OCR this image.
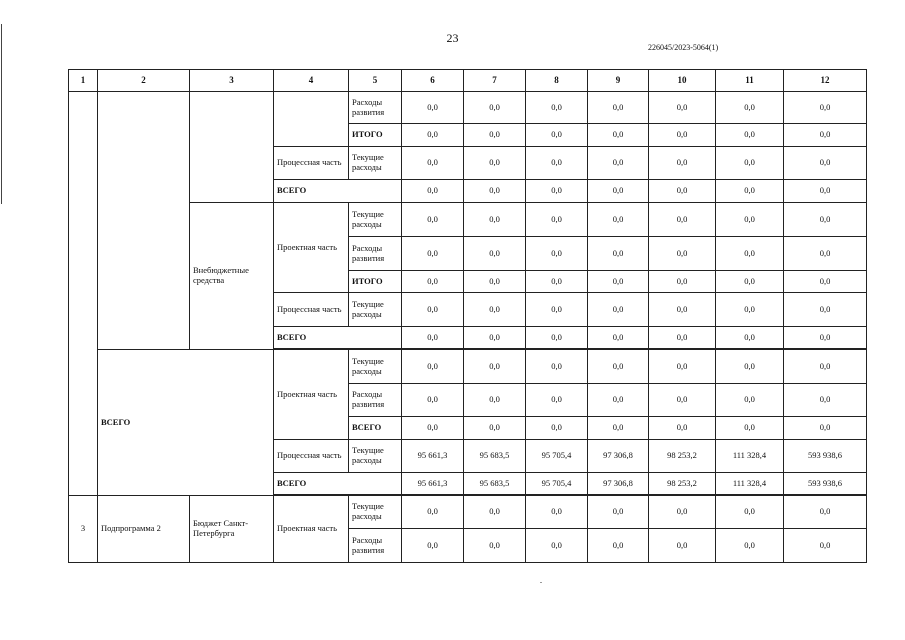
23
226045/2023-5064(1)
1	2	3	4	5	6	7	8	9	10	11	12
				Расходы развития	0,0	0,0	0,0	0,0	0,0	0,0	0,0
				ИТОГО	0,0	0,0	0,0	0,0	0,0	0,0	0,0
			Процессная часть	Текущие расходы	0,0	0,0	0,0	0,0	0,0	0,0	0,0
			ВСЕГО		0,0	0,0	0,0	0,0	0,0	0,0	0,0
		Внебюджетные средства	Проектная часть	Текущие расходы	0,0	0,0	0,0	0,0	0,0	0,0	0,0
				Расходы развития	0,0	0,0	0,0	0,0	0,0	0,0	0,0
				ИТОГО	0,0	0,0	0,0	0,0	0,0	0,0	0,0
			Процессная часть	Текущие расходы	0,0	0,0	0,0	0,0	0,0	0,0	0,0
			ВСЕГО		0,0	0,0	0,0	0,0	0,0	0,0	0,0

	ВСЕГО		Проектная часть	Текущие расходы	0,0	0,0	0,0	0,0	0,0	0,0	0,0
				Расходы развития	0,0	0,0	0,0	0,0	0,0	0,0	0,0
				ВСЕГО	0,0	0,0	0,0	0,0	0,0	0,0	0,0
			Процессная часть	Текущие расходы	95 661,3	95 683,5	95 705,4	97 306,8	98 253,2	111 328,4	593 938,6
			ВСЕГО		95 661,3	95 683,5	95 705,4	97 306,8	98 253,2	111 328,4	593 938,6

3	Подпрограмма 2	Бюджет Санкт-Петербурга	Проектная часть	Текущие расходы	0,0	0,0	0,0	0,0	0,0	0,0	0,0
				Расходы развития	0,0	0,0	0,0	0,0	0,0	0,0	0,0
